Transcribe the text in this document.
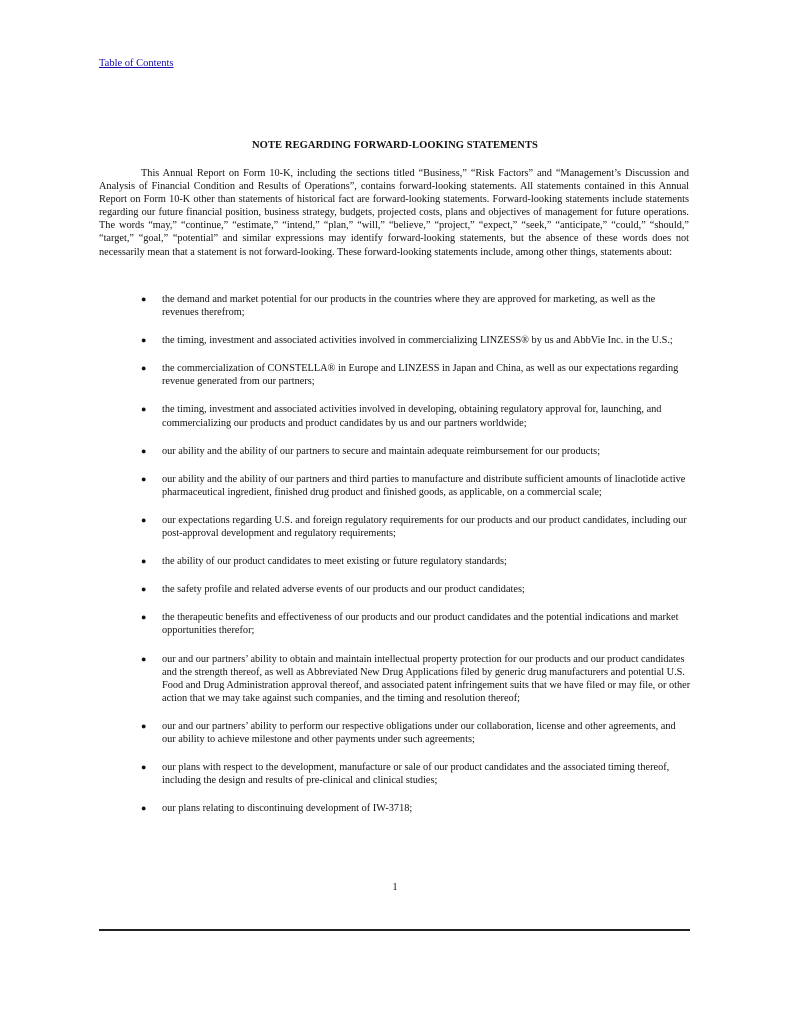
Table of Contents
NOTE REGARDING FORWARD-LOOKING STATEMENTS

This Annual Report on Form 10-K, including the sections titled “Business,” “Risk Factors” and “Management’s Discussion and Analysis of Financial Condition and Results of Operations”, contains forward-looking statements. All statements contained in this Annual Report on Form 10-K other than statements of historical fact are forward-looking statements. Forward-looking statements include statements regarding our future financial position, business strategy, budgets, projected costs, plans and objectives of management for future operations. The words “may,” “continue,” “estimate,” “intend,” “plan,” “will,” “believe,” “project,” “expect,” “seek,” “anticipate,” “could,” “should,” “target,” “goal,” “potential” and similar expressions may identify forward-looking statements, but the absence of these words does not necessarily mean that a statement is not forward-looking. These forward-looking statements include, among other things, statements about:

● the demand and market potential for our products in the countries where they are approved for marketing, as well as the revenues therefrom;
● the timing, investment and associated activities involved in commercializing LINZESS® by us and AbbVie Inc. in the U.S.;
● the commercialization of CONSTELLA® in Europe and LINZESS in Japan and China, as well as our expectations regarding revenue generated from our partners;
● the timing, investment and associated activities involved in developing, obtaining regulatory approval for, launching, and commercializing our products and product candidates by us and our partners worldwide;
● our ability and the ability of our partners to secure and maintain adequate reimbursement for our products;
● our ability and the ability of our partners and third parties to manufacture and distribute sufficient amounts of linaclotide active pharmaceutical ingredient, finished drug product and finished goods, as applicable, on a commercial scale;
● our expectations regarding U.S. and foreign regulatory requirements for our products and our product candidates, including our post-approval development and regulatory requirements;
● the ability of our product candidates to meet existing or future regulatory standards;
● the safety profile and related adverse events of our products and our product candidates;
● the therapeutic benefits and effectiveness of our products and our product candidates and the potential indications and market opportunities therefor;
● our and our partners’ ability to obtain and maintain intellectual property protection for our products and our product candidates and the strength thereof, as well as Abbreviated New Drug Applications filed by generic drug manufacturers and potential U.S. Food and Drug Administration approval thereof, and associated patent infringement suits that we have filed or may file, or other action that we may take against such companies, and the timing and resolution thereof;
● our and our partners’ ability to perform our respective obligations under our collaboration, license and other agreements, and our ability to achieve milestone and other payments under such agreements;
● our plans with respect to the development, manufacture or sale of our product candidates and the associated timing thereof, including the design and results of pre-clinical and clinical studies;
● our plans relating to discontinuing development of IW-3718;
1
